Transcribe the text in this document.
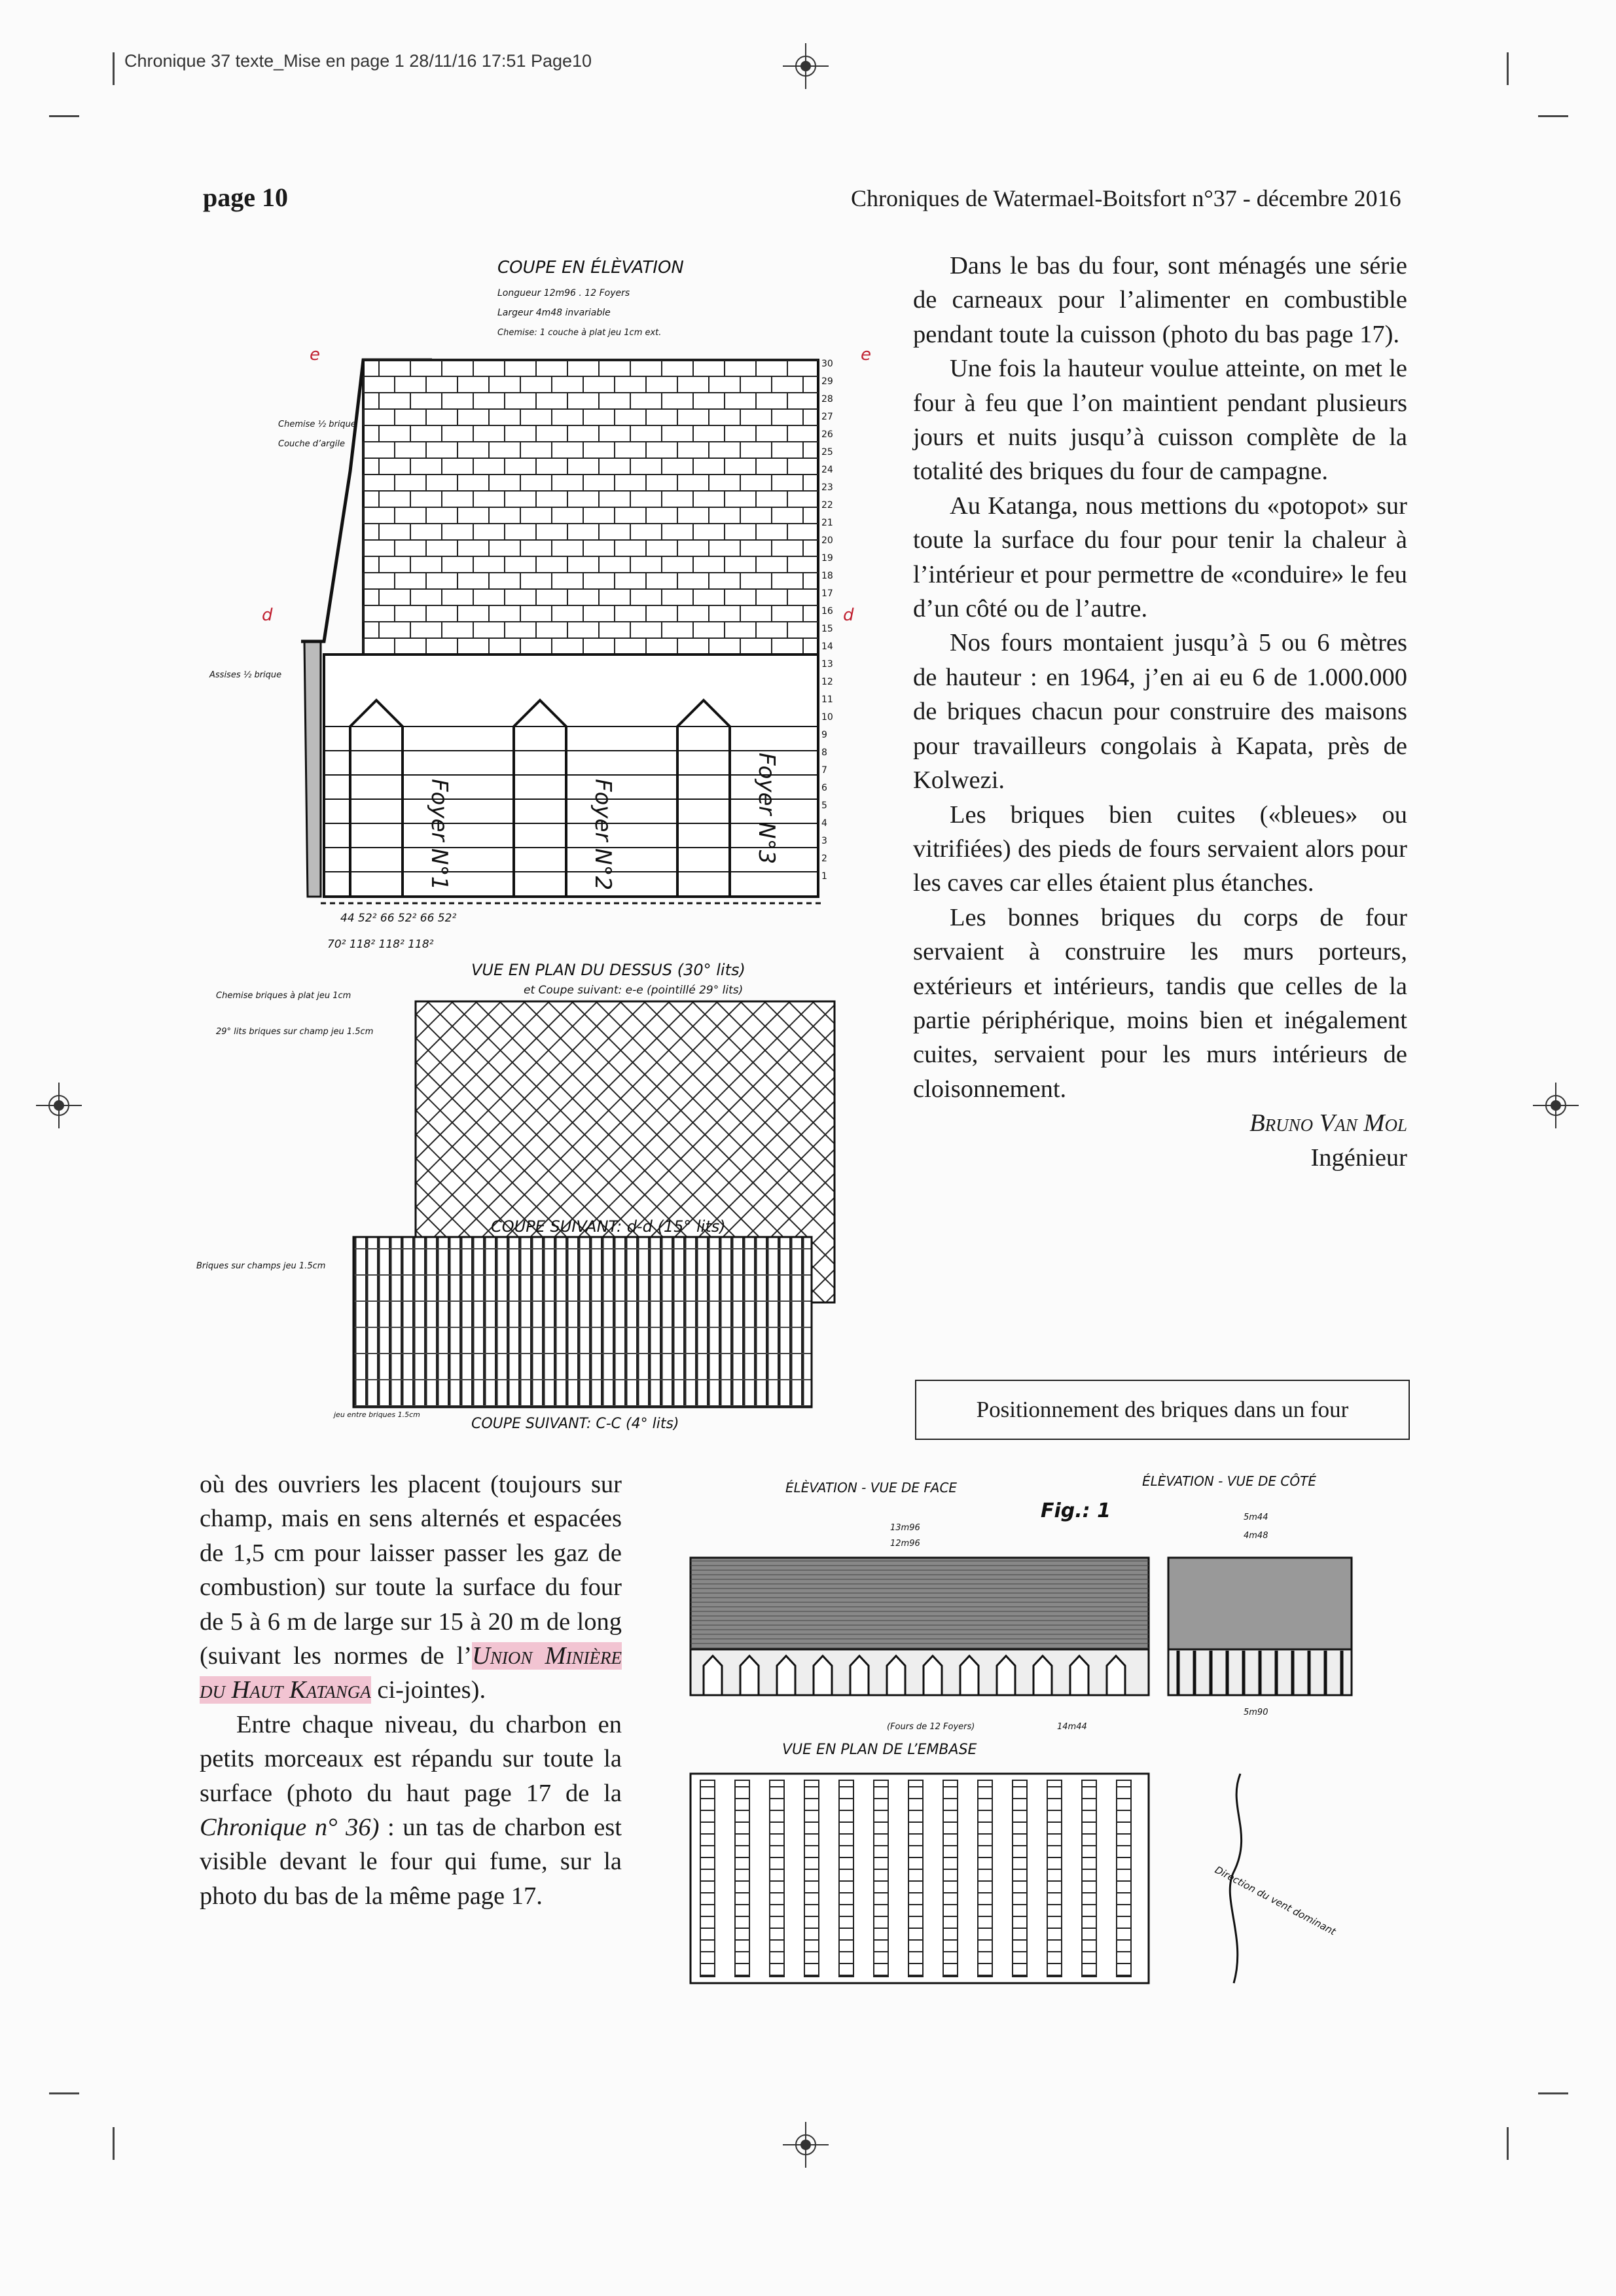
Chronique 37 texte_Mise en page 1 28/11/16 17:51 Page10
page 10	Chroniques de Watermael-Boitsfort n°37 - décembre 2016

Dans le bas du four, sont ménagés une série de carneaux pour l’alimenter en combustible pendant toute la cuisson (photo du bas page 17).

Une fois la hauteur voulue atteinte, on met le four à feu que l’on maintient pendant plusieurs jours et nuits jusqu’à cuisson complète de la totalité des briques du four de campagne.

Au Katanga, nous mettions du «potopot» sur toute la surface du four pour tenir la chaleur à l’intérieur et pour permettre de «conduire» le feu d’un côté ou de l’autre.

Nos fours montaient jusqu’à 5 ou 6 mètres de hauteur : en 1964, j’en ai eu 6 de 1.000.000 de briques chacun pour construire des maisons pour travailleurs congolais à Kapata, près de Kolwezi.

Les briques bien cuites («bleues» ou vitrifiées) des pieds de fours servaient alors pour les caves car elles étaient plus étanches.

Les bonnes briques du corps de four servaient à construire les murs porteurs, extérieurs et intérieurs, tandis que celles de la partie périphérique, moins bien et inégalement cuites, servaient pour les murs intérieurs de cloisonnement.

Bruno Van Mol
Ingénieur
Positionnement des briques dans un four

où des ouvriers les placent (toujours sur champ, mais en sens alternés et espacées de 1,5 cm pour laisser passer les gaz de combustion) sur toute la surface du four de 5 à 6 m de large sur 15 à 20 m de long (suivant les normes de l’Union Minière du Haut Katanga ci-jointes).

Entre chaque niveau, du charbon en petits morceaux est répandu sur toute la surface (photo du haut page 17 de la Chronique n° 36) : un tas de charbon est visible devant le four qui fume, sur la photo du bas de la même page 17.

COUPE EN ÉLÈVATION
Longueur 12m96 . 12 Foyers
Largeur 4m48 invariable
Chemise: 1 couche à plat jeu 1cm ext.
Chemise ½ brique
Couche d’argile
Assises ½ brique
e	e
d	d
Foyer N°1	Foyer N°2	Foyer N°3
30
29
28
27
26
25
24
23
22
21
20
19
18
17
16
15
14
13
12
11
10
9
8
7
6
5
4
3
2
1
44 52² 66 52² 66 52²
70² 118² 118² 118²
VUE EN PLAN DU DESSUS (30° lits)
et Coupe suivant: e-e (pointillé 29° lits)
Chemise briques à plat jeu 1cm
29° lits briques sur champ jeu 1.5cm
COUPE SUIVANT: d-d (15° lits)
Briques sur champs jeu 1.5cm
jeu entre briques 1.5cm
COUPE SUIVANT: C-C (4° lits)
ÉLÈVATION - VUE DE FACE	ÉLÈVATION - VUE DE CÔTÉ
Fig.: 1
13m96
12m96
5m44
4m48
5m90
14m44
(Fours de 12 Foyers)
VUE EN PLAN DE L’EMBASE
Direction du vent dominant
